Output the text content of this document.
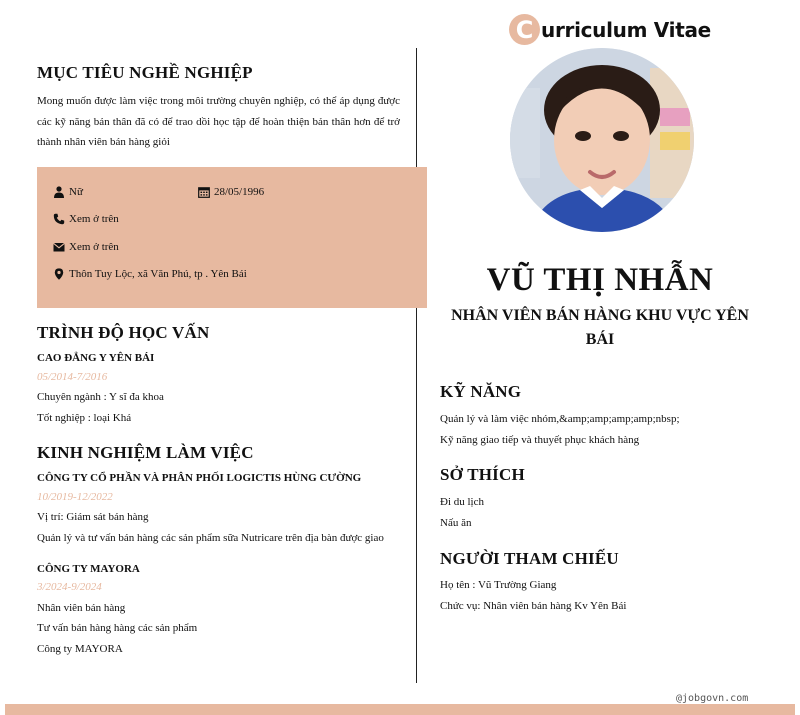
C urriculum Vitae
VŨ THỊ NHẪN
NHÂN VIÊN BÁN HÀNG KHU VỰC YÊN BÁI
MỤC TIÊU NGHỀ NGHIỆP
Mong muốn được làm việc trong môi trường chuyên nghiệp, có thể áp dụng được các kỹ năng bản thân đã có để trao dồi học tập để hoàn thiện bản thân hơn để trở thành nhân viên bán hàng giỏi
Nữ	28/05/1996
Xem ở trên
Xem ở trên
Thôn Tuy Lộc, xã Văn Phú, tp . Yên Bái
TRÌNH ĐỘ HỌC VẤN
CAO ĐẲNG Y YÊN BÁI
05/2014-7/2016
Chuyên ngành : Y sĩ đa khoa
Tốt nghiệp : loại Khá
KINH NGHIỆM LÀM VIỆC
CÔNG TY CỔ PHẦN VÀ PHÂN PHỐI LOGICTIS HÙNG CƯỜNG
10/2019-12/2022
Vị trí: Giám sát bán hàng
Quản lý và tư vấn bán hàng các sản phẩm sữa Nutricare trên địa bàn được giao
CÔNG TY MAYORA
3/2024-9/2024
Nhân viên bán hàng
Tư vấn bán hàng hàng các sản phẩm
Công ty MAYORA
KỸ NĂNG
Quản lý và làm việc nhóm,&amp;amp;amp;amp;nbsp;
Kỹ năng giao tiếp và thuyết phục khách hàng
SỞ THÍCH
Đi du lịch
Nấu ăn
NGƯỜI THAM CHIẾU
Họ tên : Vũ Trường Giang
Chức vụ: Nhân viên bán hàng Kv Yên Bái
@jobgovn.com
